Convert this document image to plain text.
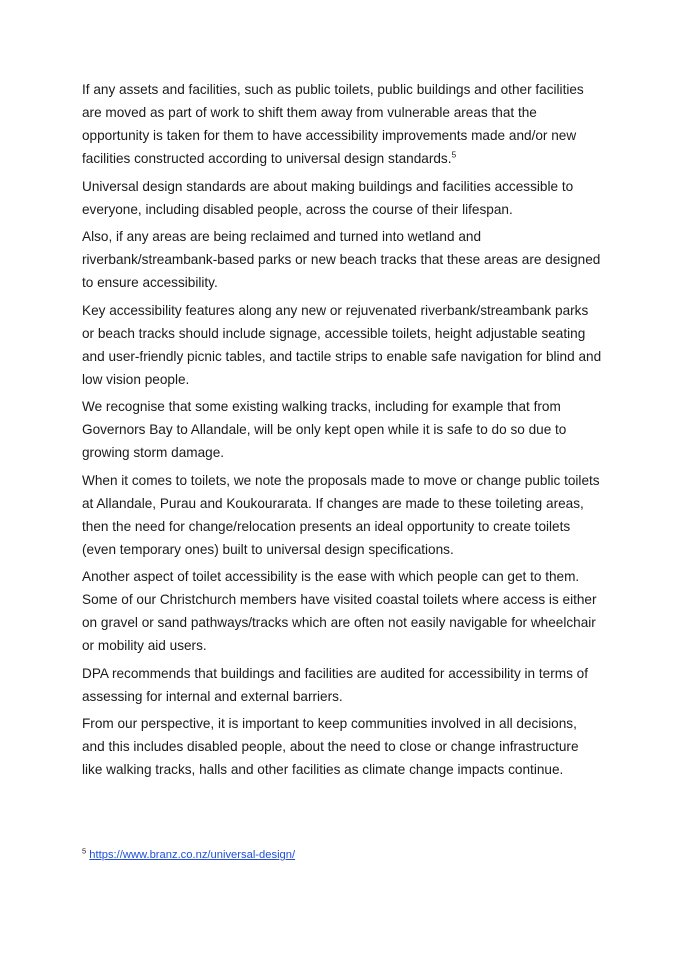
If any assets and facilities, such as public toilets, public buildings and other facilities are moved as part of work to shift them away from vulnerable areas that the opportunity is taken for them to have accessibility improvements made and/or new facilities constructed according to universal design standards.$^5$

Universal design standards are about making buildings and facilities accessible to everyone, including disabled people, across the course of their lifespan.

Also, if any areas are being reclaimed and turned into wetland and riverbank/streambank-based parks or new beach tracks that these areas are designed to ensure accessibility.

Key accessibility features along any new or rejuvenated riverbank/streambank parks or beach tracks should include signage, accessible toilets, height adjustable seating and user-friendly picnic tables, and tactile strips to enable safe navigation for blind and low vision people.

We recognise that some existing walking tracks, including for example that from Governors Bay to Allandale, will be only kept open while it is safe to do so due to growing storm damage.

When it comes to toilets, we note the proposals made to move or change public toilets at Allandale, Purau and Koukourarata. If changes are made to these toileting areas, then the need for change/relocation presents an ideal opportunity to create toilets (even temporary ones) built to universal design specifications.

Another aspect of toilet accessibility is the ease with which people can get to them. Some of our Christchurch members have visited coastal toilets where access is either on gravel or sand pathways/tracks which are often not easily navigable for wheelchair or mobility aid users.

DPA recommends that buildings and facilities are audited for accessibility in terms of assessing for internal and external barriers.

From our perspective, it is important to keep communities involved in all decisions, and this includes disabled people, about the need to close or change infrastructure like walking tracks, halls and other facilities as climate change impacts continue.

$^5$ https://www.branz.co.nz/universal-design/
